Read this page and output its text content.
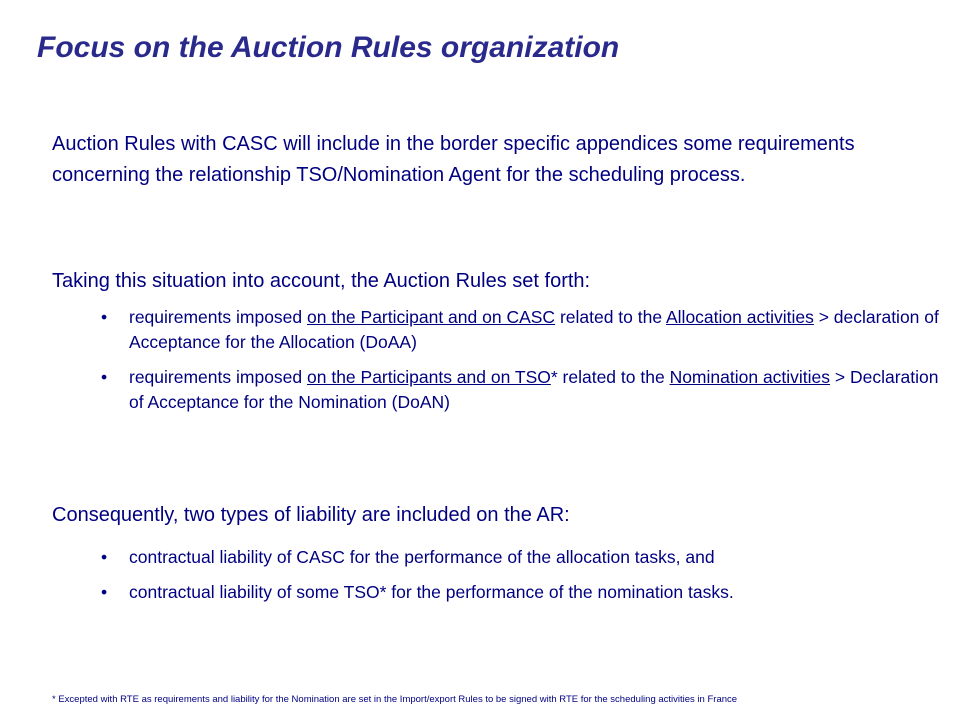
Focus on the Auction Rules organization

Auction Rules with CASC will include in the border specific appendices some requirements concerning the relationship TSO/Nomination Agent for the scheduling process.

Taking this situation into account, the Auction Rules set forth:

• requirements imposed on the Participant and on CASC related to the Allocation activities > declaration of Acceptance for the Allocation (DoAA)
• requirements imposed on the Participants and on TSO* related to the Nomination activities > Declaration of Acceptance for the Nomination (DoAN)

Consequently, two types of liability are included on the AR:

• contractual liability of CASC for the performance of the allocation tasks, and
• contractual liability of some TSO* for the performance of the nomination tasks.

* Excepted with RTE as requirements and liability for the Nomination are set in the Import/export Rules to be signed with RTE for the scheduling activities in France
